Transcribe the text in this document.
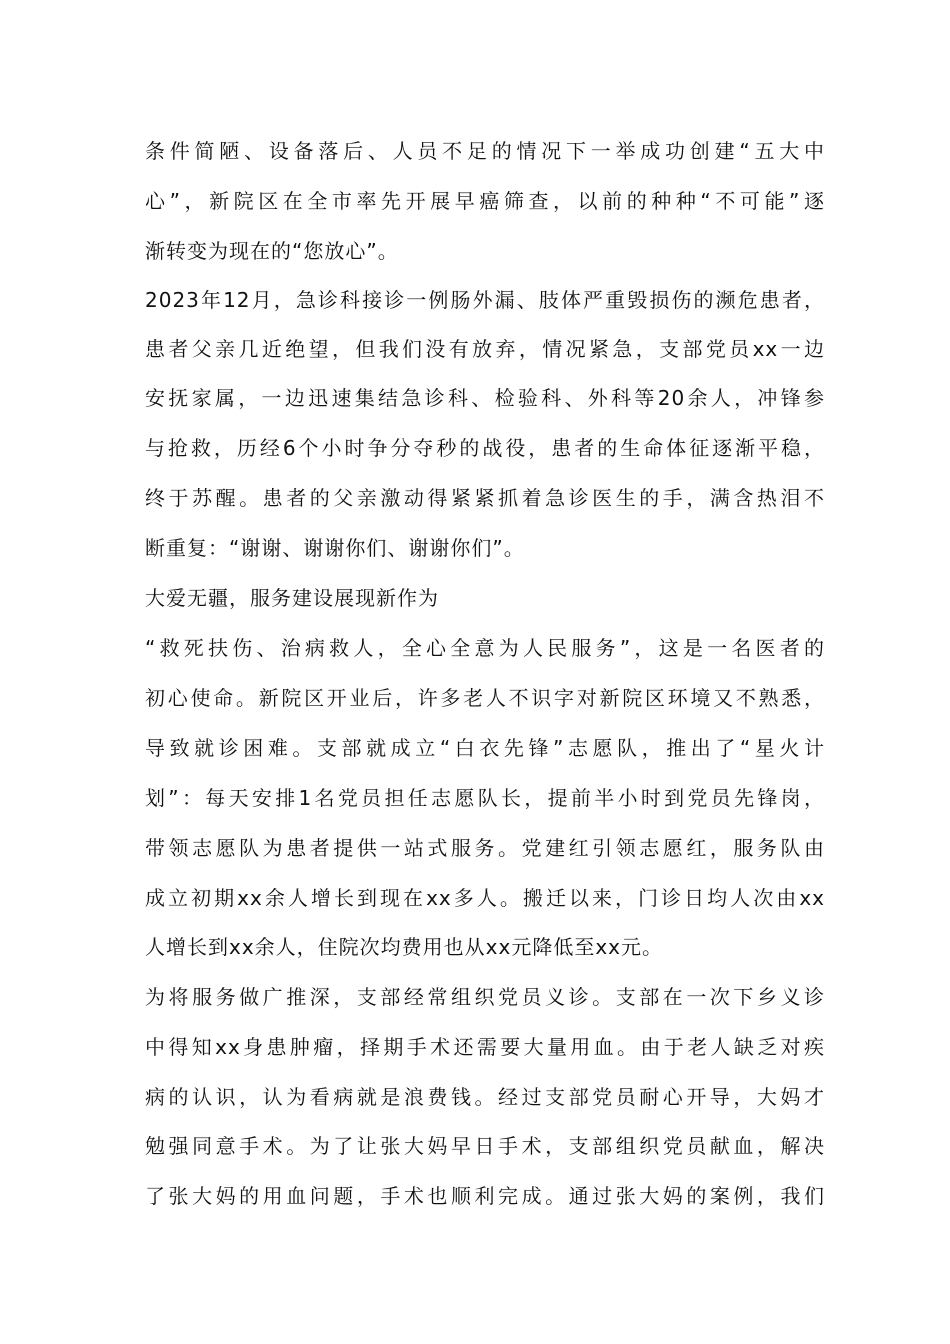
条件简陋、设备落后、人员不足的情况下一举成功创建“五大中
心”，新院区在全市率先开展早癌筛查，以前的种种“不可能”逐
渐转变为现在的“您放心”。
2023年12月，急诊科接诊一例肠外漏、肢体严重毁损伤的濒危患者，
患者父亲几近绝望，但我们没有放弃，情况紧急，支部党员xx一边
安抚家属，一边迅速集结急诊科、检验科、外科等20余人，冲锋参
与抢救，历经6个小时争分夺秒的战役，患者的生命体征逐渐平稳，
终于苏醒。患者的父亲激动得紧紧抓着急诊医生的手，满含热泪不
断重复：“谢谢、谢谢你们、谢谢你们”。
大爱无疆，服务建设展现新作为
“救死扶伤、治病救人，全心全意为人民服务”，这是一名医者的
初心使命。新院区开业后，许多老人不识字对新院区环境又不熟悉，
导致就诊困难。支部就成立“白衣先锋”志愿队，推出了“星火计
划”：每天安排1名党员担任志愿队长，提前半小时到党员先锋岗，
带领志愿队为患者提供一站式服务。党建红引领志愿红，服务队由
成立初期xx余人增长到现在xx多人。搬迁以来，门诊日均人次由xx
人增长到xx余人，住院次均费用也从xx元降低至xx元。
为将服务做广推深，支部经常组织党员义诊。支部在一次下乡义诊
中得知xx身患肿瘤，择期手术还需要大量用血。由于老人缺乏对疾
病的认识，认为看病就是浪费钱。经过支部党员耐心开导，大妈才
勉强同意手术。为了让张大妈早日手术，支部组织党员献血，解决
了张大妈的用血问题，手术也顺利完成。通过张大妈的案例，我们
